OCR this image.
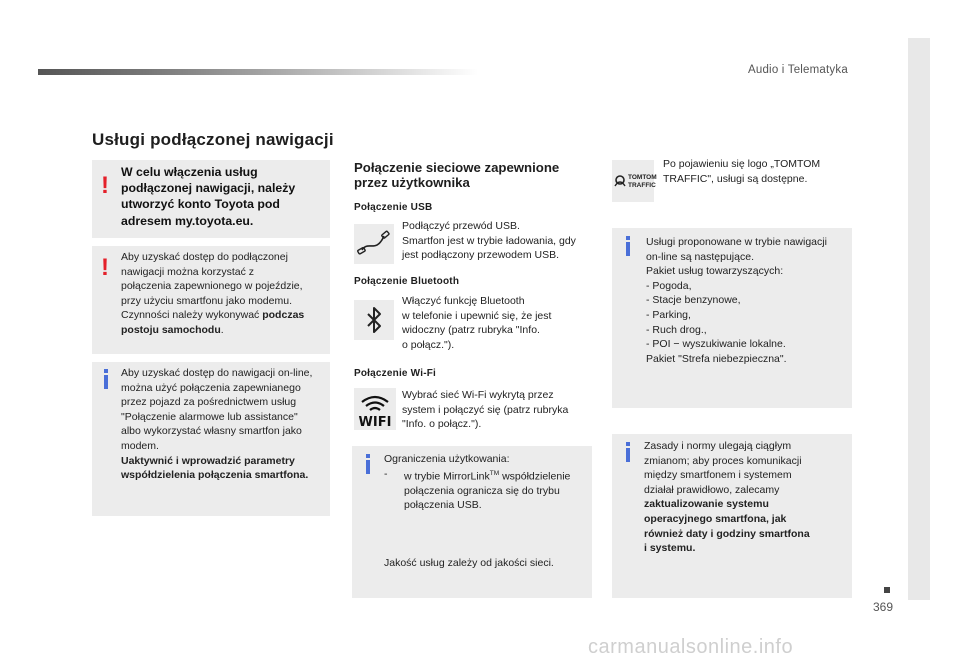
Audio i Telematyka
369
carmanualsonline.info
Usługi podłączonej nawigacji
! W celu włączenia usług
podłączonej nawigacji, należy
utworzyć konto Toyota pod
adresem my.toyota.eu.
! Aby uzyskać dostęp do podłączonej
nawigacji można korzystać z
połączenia zapewnionego w pojeździe,
przy użyciu smartfonu jako modemu.
Czynności należy wykonywać podczas
postoju samochodu.
Aby uzyskać dostęp do nawigacji on-line,
można użyć połączenia zapewnianego
przez pojazd za pośrednictwem usług
"Połączenie alarmowe lub assistance"
albo wykorzystać własny smartfon jako
modem.
Uaktywnić i wprowadzić parametry
współdzielenia połączenia smartfona.
Połączenie sieciowe zapewnione
przez użytkownika
Połączenie USB
Podłączyć przewód USB.
Smartfon jest w trybie ładowania, gdy
jest podłączony przewodem USB.
Połączenie Bluetooth
Włączyć funkcję Bluetooth
w telefonie i upewnić się, że jest
widoczny (patrz rubryka "Info.
o połącz.").
Połączenie Wi-Fi
WIFI
Wybrać sieć Wi-Fi wykrytą przez
system i połączyć się (patrz rubryka
"Info. o połącz.").
Ograniczenia użytkowania:
-	w trybie MirrorLink™ współdzielenie
połączenia ogranicza się do trybu
połączenia USB.
Jakość usług zależy od jakości sieci.
TOMTOM
TRAFFIC
Po pojawieniu się logo „TOMTOM
TRAFFIC", usługi są dostępne.
Usługi proponowane w trybie nawigacji
on-line są następujące.
Pakiet usług towarzyszących:
- Pogoda,
- Stacje benzynowe,
- Parking,
- Ruch drog.,
- POI − wyszukiwanie lokalne.
Pakiet "Strefa niebezpieczna".
Zasady i normy ulegają ciągłym
zmianom; aby proces komunikacji
między smartfonem i systemem
działał prawidłowo, zalecamy
zaktualizowanie systemu
operacyjnego smartfona, jak
również daty i godziny smartfona
i systemu.
